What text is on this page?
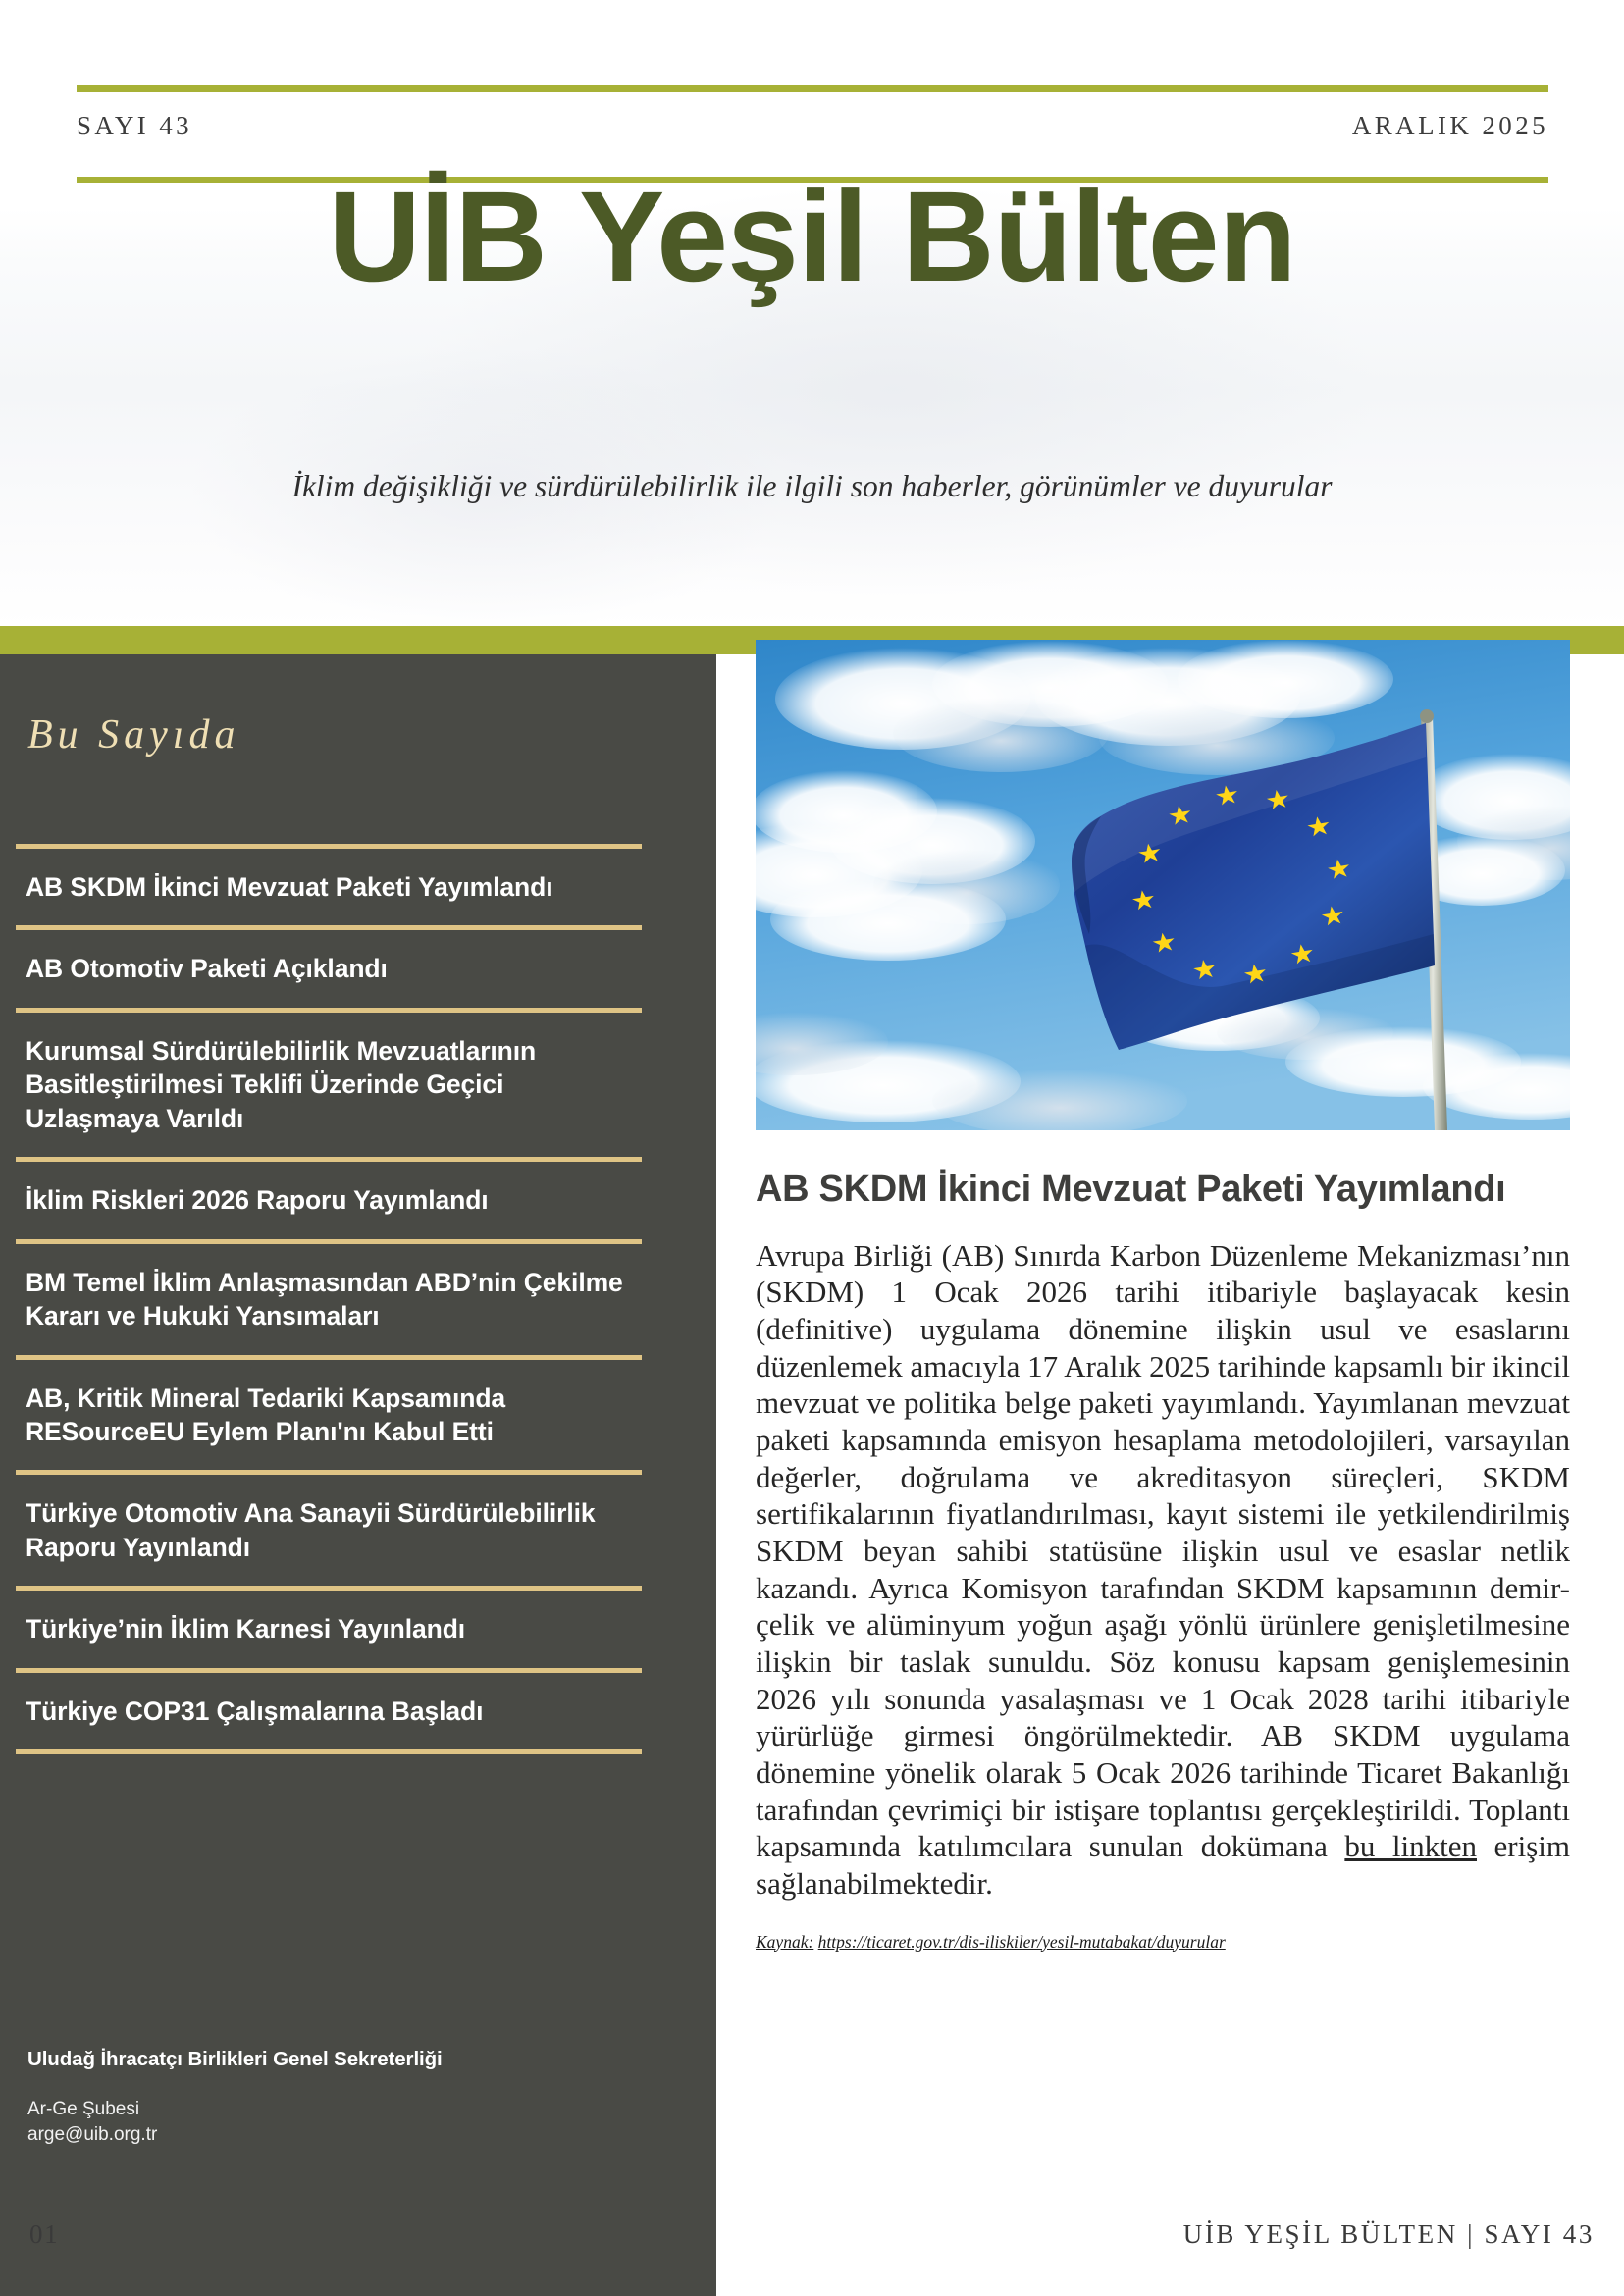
SAYI 43	ARALIK 2025
UİB Yeşil Bülten
İklim değişikliği ve sürdürülebilirlik ile ilgili son haberler, görünümler ve duyurular
Bu Sayıda
AB SKDM İkinci Mevzuat Paketi Yayımlandı
AB Otomotiv Paketi Açıklandı
Kurumsal Sürdürülebilirlik Mevzuatlarının Basitleştirilmesi Teklifi Üzerinde Geçici Uzlaşmaya Varıldı
İklim Riskleri 2026 Raporu Yayımlandı
BM Temel İklim Anlaşmasından ABD’nin Çekilme Kararı ve Hukuki Yansımaları
AB, Kritik Mineral Tedariki Kapsamında RESourceEU Eylem Planı'nı Kabul Etti
Türkiye Otomotiv Ana Sanayii Sürdürülebilirlik Raporu Yayınlandı
Türkiye’nin İklim Karnesi Yayınlandı
Türkiye COP31 Çalışmalarına Başladı
Uludağ İhracatçı Birlikleri Genel Sekreterliği
Ar-Ge Şubesi
arge@uib.org.tr
AB SKDM İkinci Mevzuat Paketi Yayımlandı
Avrupa Birliği (AB) Sınırda Karbon Düzenleme Mekanizması’nın (SKDM) 1 Ocak 2026 tarihi itibariyle başlayacak kesin (definitive) uygulama dönemine ilişkin usul ve esaslarını düzenlemek amacıyla 17 Aralık 2025 tarihinde kapsamlı bir ikincil mevzuat ve politika belge paketi yayımlandı. Yayımlanan mevzuat paketi kapsamında emisyon hesaplama metodolojileri, varsayılan değerler, doğrulama ve akreditasyon süreçleri, SKDM sertifikalarının fiyatlandırılması, kayıt sistemi ile yetkilendirilmiş SKDM beyan sahibi statüsüne ilişkin usul ve esaslar netlik kazandı. Ayrıca Komisyon tarafından SKDM kapsamının demir-çelik ve alüminyum yoğun aşağı yönlü ürünlere genişletilmesine ilişkin bir taslak sunuldu. Söz konusu kapsam genişlemesinin 2026 yılı sonunda yasalaşması ve 1 Ocak 2028 tarihi itibariyle yürürlüğe girmesi öngörülmektedir. AB SKDM uygulama dönemine yönelik olarak 5 Ocak 2026 tarihinde Ticaret Bakanlığı tarafından çevrimiçi bir istişare toplantısı gerçekleştirildi. Toplantı kapsamında katılımcılara sunulan dokümana bu linkten erişim sağlanabilmektedir.
Kaynak: https://ticaret.gov.tr/dis-iliskiler/yesil-mutabakat/duyurular
01	UİB YEŞİL BÜLTEN | SAYI 43
